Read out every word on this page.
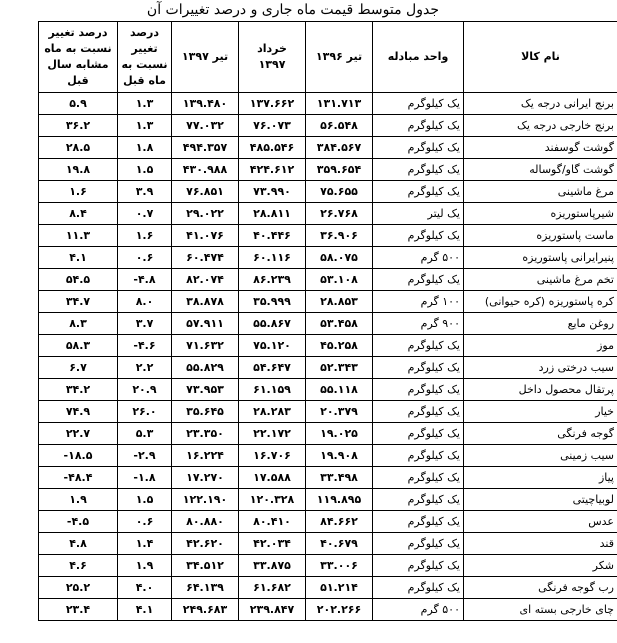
جدول متوسط قیمت ماه جاری و درصد تغییرات آن
نام کالا	واحد مبادله	تیر ۱۳۹۶	خرداد ۱۳۹۷	تیر ۱۳۹۷	درصد تغییر نسبت به ماه قبل	درصد تغییر نسبت به ماه مشابه سال قبل
برنج ایرانی درجه یک	یک کیلوگرم	۱۳۱.۷۱۳	۱۳۷.۶۶۲	۱۳۹.۴۸۰	۱.۳	۵.۹
برنج خارجی درجه یک	یک کیلوگرم	۵۶.۵۴۸	۷۶.۰۷۳	۷۷.۰۳۲	۱.۳	۳۶.۲
گوشت گوسفند	یک کیلوگرم	۳۸۴.۵۶۷	۴۸۵.۵۴۶	۴۹۴.۳۵۷	۱.۸	۲۸.۵
گوشت گاو/گوساله	یک کیلوگرم	۳۵۹.۶۵۴	۴۲۴.۶۱۲	۴۳۰.۹۸۸	۱.۵	۱۹.۸
مرغ ماشینی	یک کیلوگرم	۷۵.۶۵۵	۷۳.۹۹۰	۷۶.۸۵۱	۳.۹	۱.۶
شیرپاستوریزه	یک لیتر	۲۶.۷۶۸	۲۸.۸۱۱	۲۹.۰۲۲	۰.۷	۸.۴
ماست پاستوریزه	یک کیلوگرم	۳۶.۹۰۶	۴۰.۴۴۶	۴۱.۰۷۶	۱.۶	۱۱.۳
پنیرایرانی پاستوریزه	۵۰۰ گرم	۵۸.۰۷۵	۶۰.۱۱۶	۶۰.۴۷۴	۰.۶	۴.۱
تخم مرغ ماشینی	یک کیلوگرم	۵۳.۱۰۸	۸۶.۲۳۹	۸۲.۰۷۴	-۴.۸	۵۴.۵
کره پاستوریزه (کره حیوانی)	۱۰۰ گرم	۲۸.۸۵۳	۳۵.۹۹۹	۳۸.۸۷۸	۸.۰	۳۴.۷
روغن مایع	۹۰۰ گرم	۵۳.۴۵۸	۵۵.۸۶۷	۵۷.۹۱۱	۳.۷	۸.۳
موز	یک کیلوگرم	۴۵.۲۵۸	۷۵.۱۲۰	۷۱.۶۳۲	-۴.۶	۵۸.۳
سیب درختی زرد	یک کیلوگرم	۵۲.۳۴۳	۵۴.۶۴۷	۵۵.۸۲۹	۲.۲	۶.۷
پرتقال محصول داخل	یک کیلوگرم	۵۵.۱۱۸	۶۱.۱۵۹	۷۳.۹۵۳	۲۰.۹	۳۴.۲
خیار	یک کیلوگرم	۲۰.۳۷۹	۲۸.۲۸۳	۳۵.۶۴۵	۲۶.۰	۷۴.۹
گوجه فرنگی	یک کیلوگرم	۱۹.۰۲۵	۲۲.۱۷۲	۲۳.۳۵۰	۵.۳	۲۲.۷
سیب زمینی	یک کیلوگرم	۱۹.۹۰۸	۱۶.۷۰۶	۱۶.۲۲۴	-۲.۹	-۱۸.۵
پیاز	یک کیلوگرم	۳۳.۴۹۸	۱۷.۵۸۸	۱۷.۲۷۰	-۱.۸	-۴۸.۴
لوبیاچیتی	یک کیلوگرم	۱۱۹.۸۹۵	۱۲۰.۳۲۸	۱۲۲.۱۹۰	۱.۵	۱.۹
عدس	یک کیلوگرم	۸۴.۶۶۲	۸۰.۴۱۰	۸۰.۸۸۰	۰.۶	-۴.۵
قند	یک کیلوگرم	۴۰.۶۷۹	۴۲.۰۳۴	۴۲.۶۲۰	۱.۴	۴.۸
شکر	یک کیلوگرم	۳۳.۰۰۶	۳۳.۸۷۵	۳۴.۵۱۲	۱.۹	۴.۶
رب گوجه فرنگی	یک کیلوگرم	۵۱.۲۱۴	۶۱.۶۸۲	۶۴.۱۳۹	۴.۰	۲۵.۲
چای خارجی بسته ای	۵۰۰ گرم	۲۰۲.۲۶۶	۲۳۹.۸۴۷	۲۴۹.۶۸۳	۴.۱	۲۳.۴
